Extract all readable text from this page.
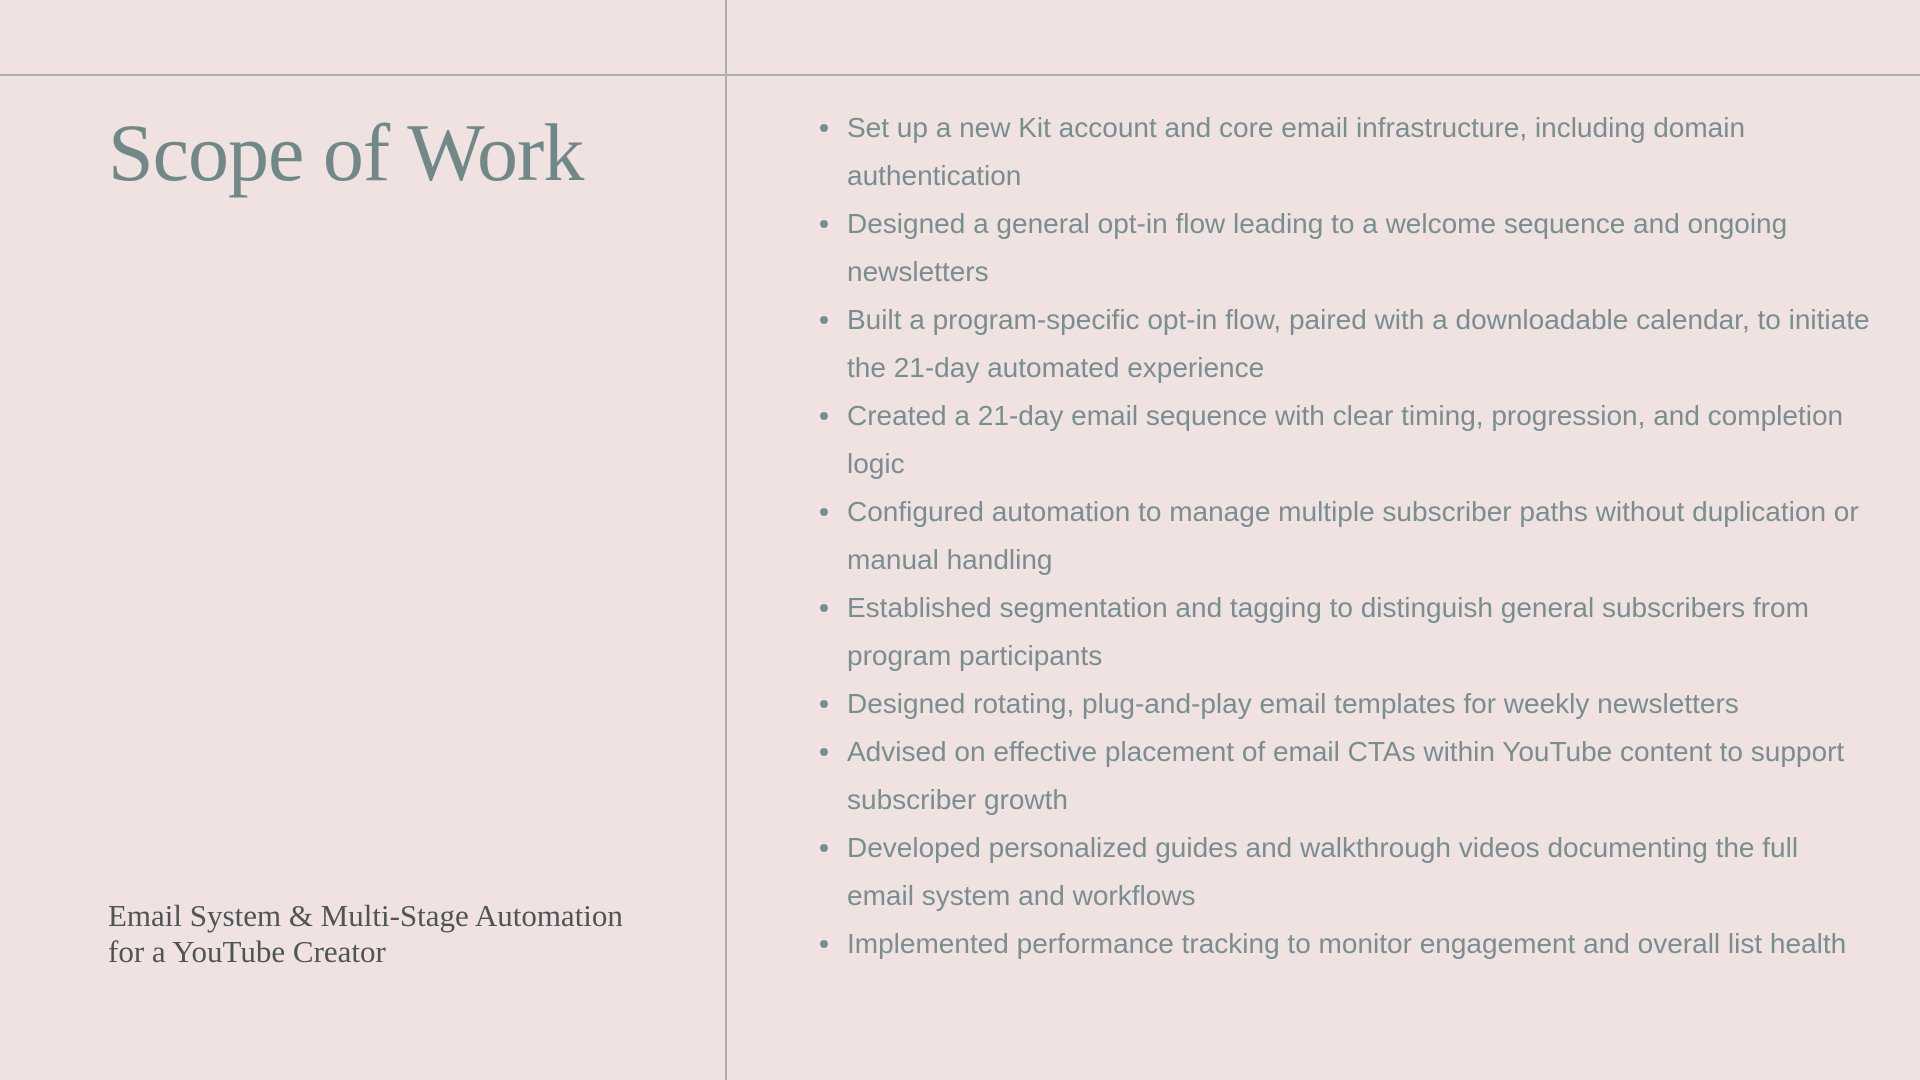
Scope of Work
Email System & Multi-Stage Automation
for a YouTube Creator
Set up a new Kit account and core email infrastructure, including domain authentication
Designed a general opt-in flow leading to a welcome sequence and ongoing newsletters
Built a program-specific opt-in flow, paired with a downloadable calendar, to initiate the 21-day automated experience
Created a 21-day email sequence with clear timing, progression, and completion logic
Configured automation to manage multiple subscriber paths without duplication or manual handling
Established segmentation and tagging to distinguish general subscribers from program participants
Designed rotating, plug-and-play email templates for weekly newsletters
Advised on effective placement of email CTAs within YouTube content to support subscriber growth
Developed personalized guides and walkthrough videos documenting the full email system and workflows
Implemented performance tracking to monitor engagement and overall list health
